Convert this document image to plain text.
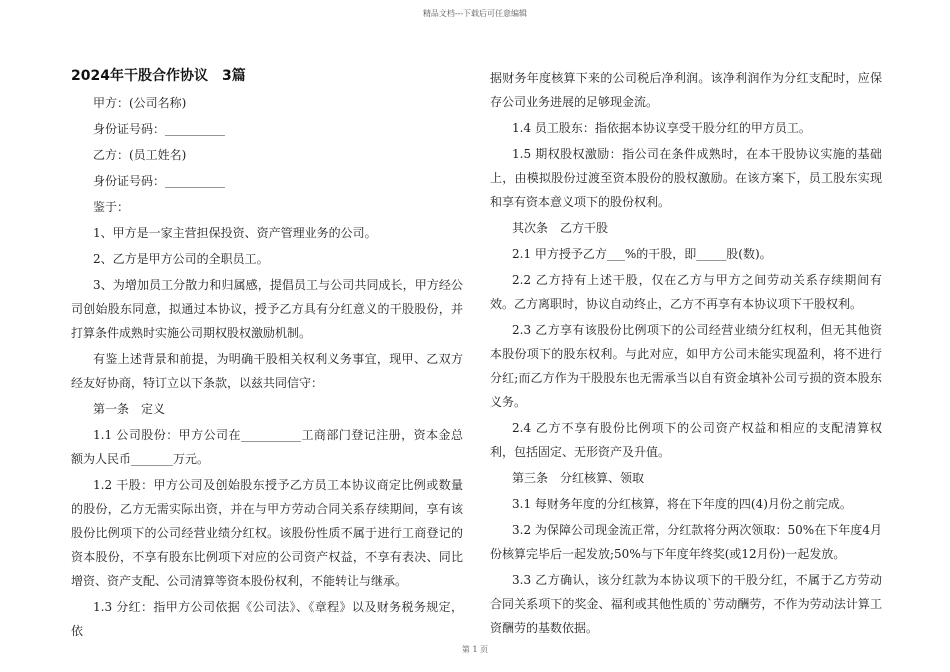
精品文档---下载后可任意编辑
2024年干股合作协议　3篇

甲方：(公司名称)

身份证号码：__________

乙方：(员工姓名)

身份证号码：__________

鉴于：

1、甲方是一家主营担保投资、资产管理业务的公司。

2、乙方是甲方公司的全职员工。

3、为增加员工分散力和归属感，提倡员工与公司共同成长，甲方经公司创始股东同意，拟通过本协议，授予乙方具有分红意义的干股股份，并打算条件成熟时实施公司期权股权激励机制。

有鉴上述背景和前提，为明确干股相关权利义务事宜，现甲、乙双方经友好协商，特订立以下条款，以兹共同信守：

第一条　定义

1.1 公司股份：甲方公司在__________工商部门登记注册，资本金总额为人民币_______万元。

1.2 干股：甲方公司及创始股东授予乙方员工本协议商定比例或数量的股份，乙方无需实际出资，并在与甲方劳动合同关系存续期间，享有该股份比例项下的公司经营业绩分红权。该股份性质不属于进行工商登记的资本股份，不享有股东比例项下对应的公司资产权益，不享有表决、同比增资、资产支配、公司清算等资本股份权利，不能转让与继承。

1.3 分红：指甲方公司依据《公司法》、《章程》以及财务税务规定，依

据财务年度核算下来的公司税后净利润。该净利润作为分红支配时，应保存公司业务进展的足够现金流。

1.4 员工股东：指依据本协议享受干股分红的甲方员工。

1.5 期权股权激励：指公司在条件成熟时，在本干股协议实施的基础上，由模拟股份过渡至资本股份的股权激励。在该方案下，员工股东实现和享有资本意义项下的股份权利。

其次条　乙方干股

2.1 甲方授予乙方___%的干股，即_____股(数)。

2.2 乙方持有上述干股，仅在乙方与甲方之间劳动关系存续期间有效。乙方离职时，协议自动终止，乙方不再享有本协议项下干股权利。

2.3 乙方享有该股份比例项下的公司经营业绩分红权利，但无其他资本股份项下的股东权利。与此对应，如甲方公司未能实现盈利，将不进行分红;而乙方作为干股股东也无需承当以自有资金填补公司亏损的资本股东义务。

2.4 乙方不享有股份比例项下的公司资产权益和相应的支配清算权利，包括固定、无形资产及升值。

第三条　分红核算、领取

3.1 每财务年度的分红核算，将在下年度的四(4)月份之前完成。

3.2 为保障公司现金流正常，分红款将分两次领取：50%在下年度4月份核算完毕后一起发放;50%与下年度年终奖(或12月份)一起发放。

3.3 乙方确认，该分红款为本协议项下的干股分红，不属于乙方劳动合同关系项下的奖金、福利或其他性质的`劳动酬劳，不作为劳动法计算工资酬劳的基数依据。

第 1 页
